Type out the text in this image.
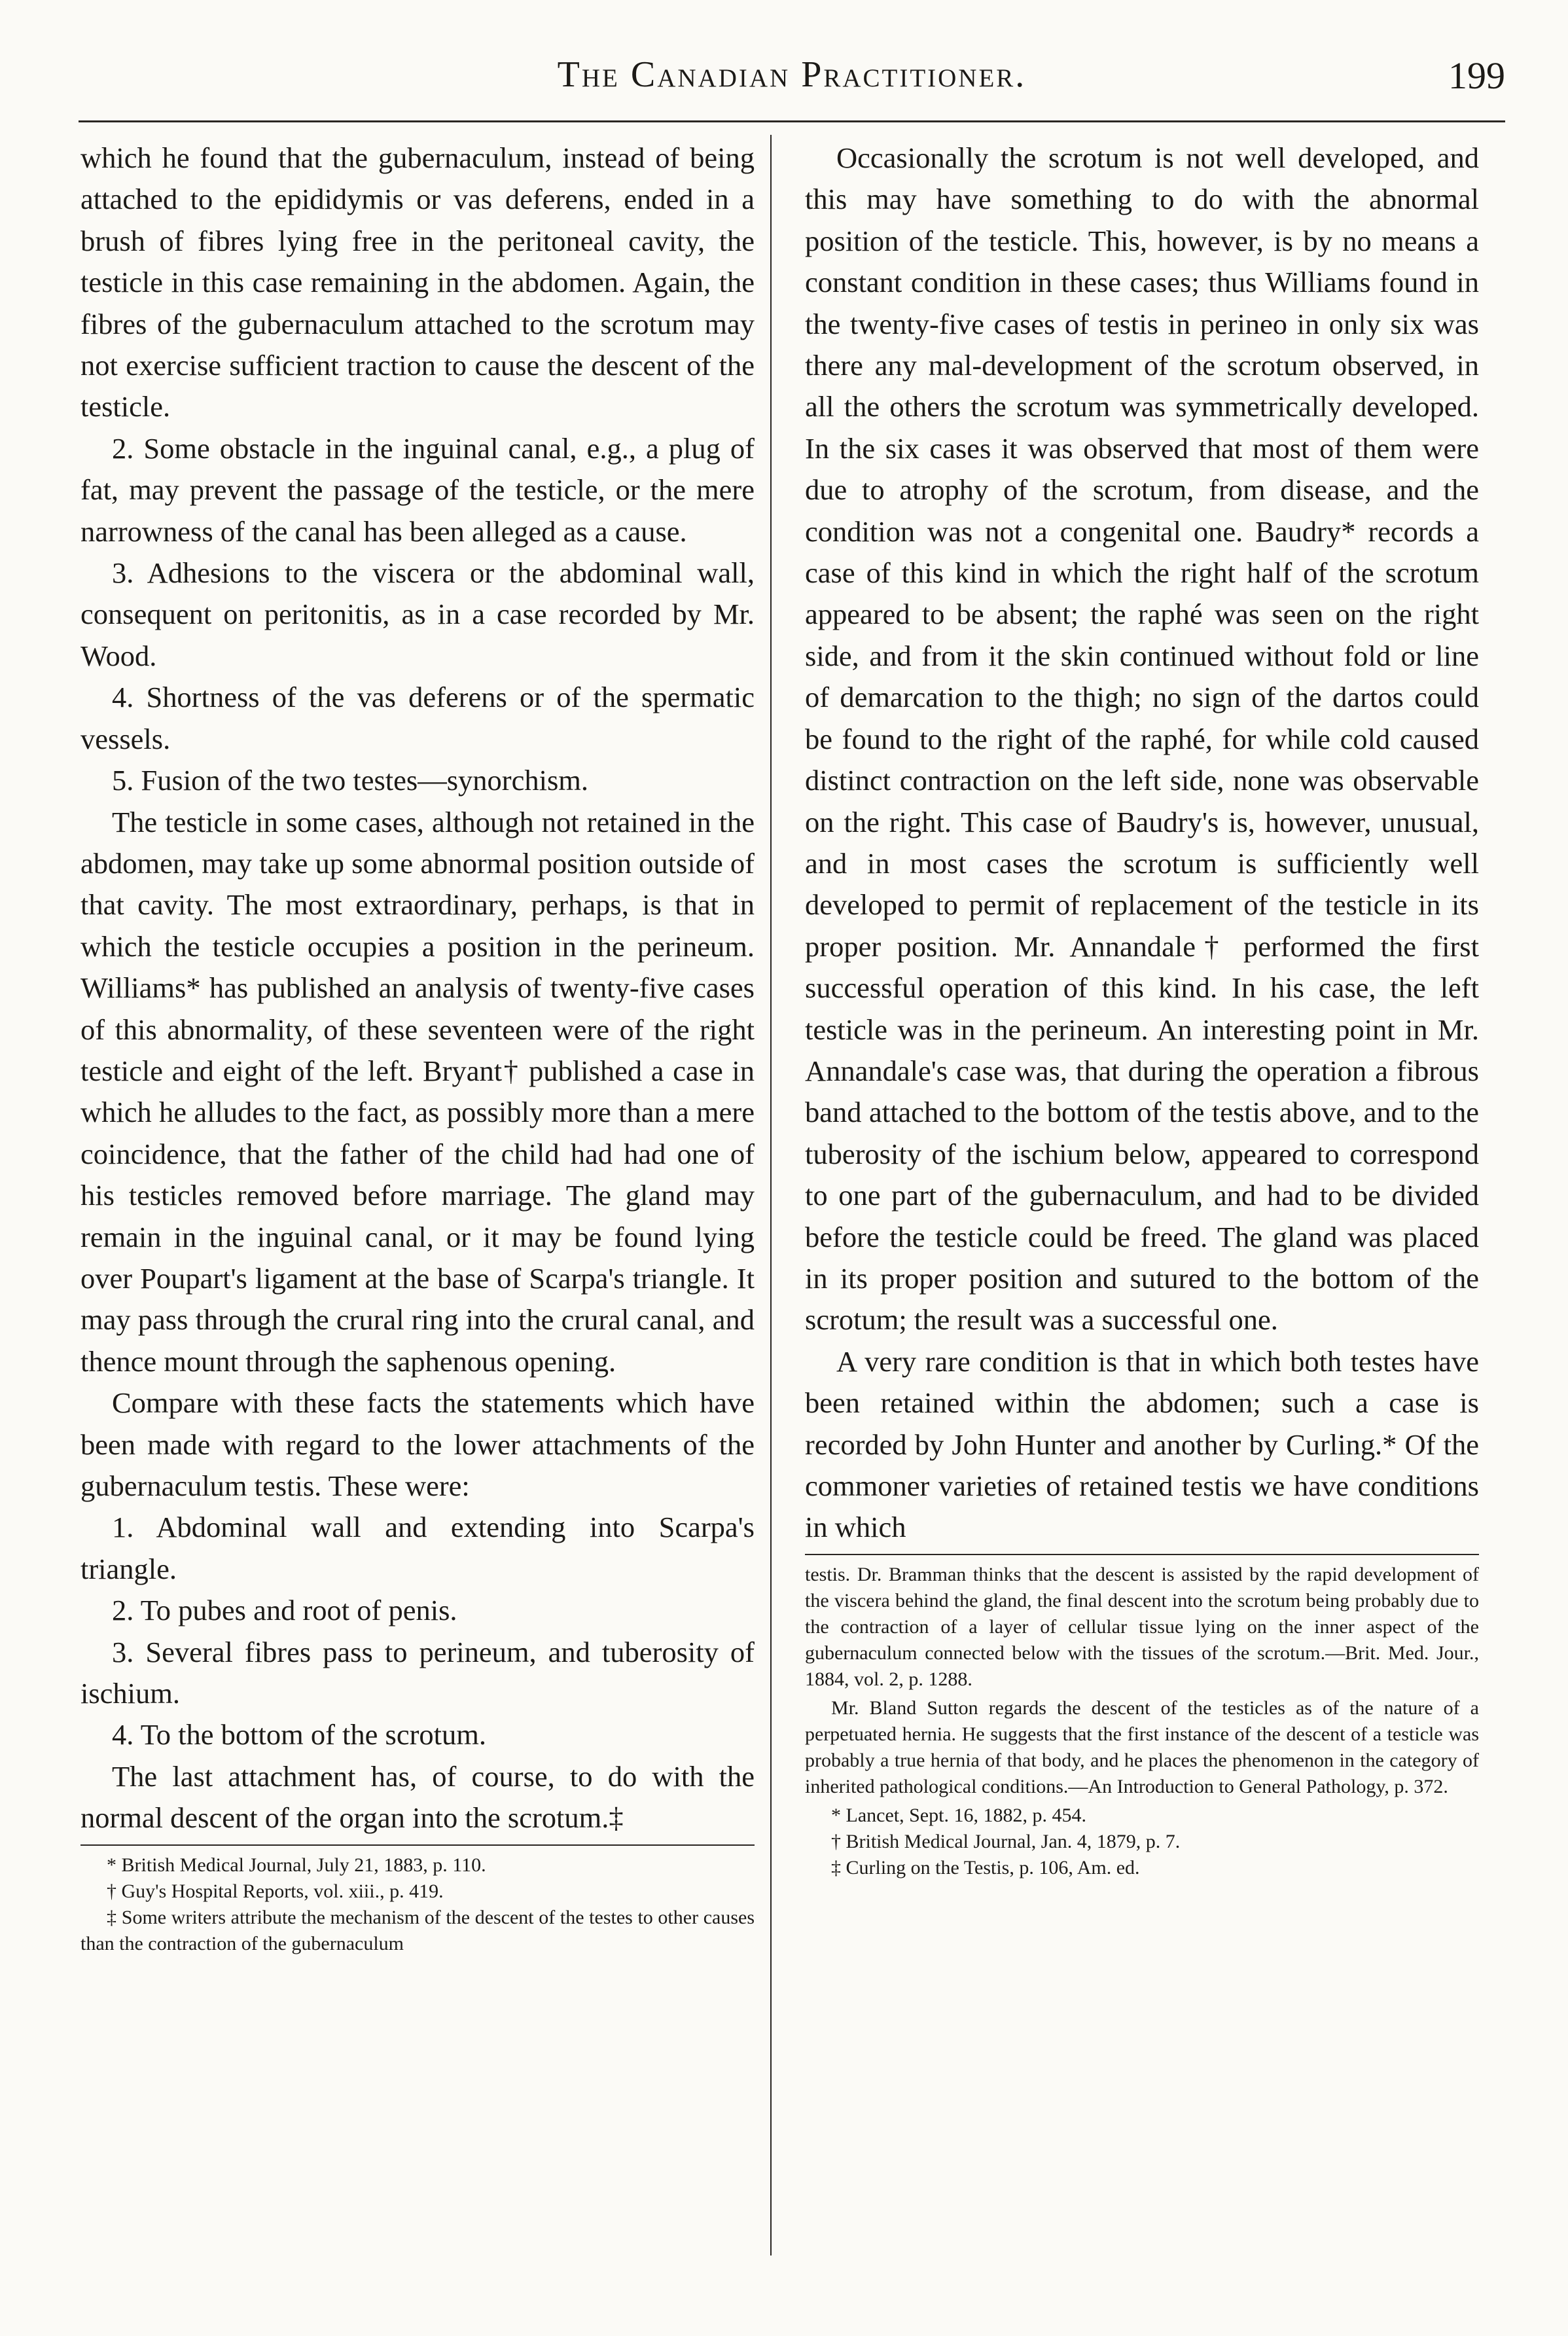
The Canadian Practitioner.	199

which he found that the gubernaculum, instead of being attached to the epididymis or vas deferens, ended in a brush of fibres lying free in the peritoneal cavity, the testicle in this case remaining in the abdomen. Again, the fibres of the gubernaculum attached to the scrotum may not exercise sufficient traction to cause the descent of the testicle.

2. Some obstacle in the inguinal canal, e.g., a plug of fat, may prevent the passage of the testicle, or the mere narrowness of the canal has been alleged as a cause.

3. Adhesions to the viscera or the abdominal wall, consequent on peritonitis, as in a case recorded by Mr. Wood.

4. Shortness of the vas deferens or of the spermatic vessels.

5. Fusion of the two testes—synorchism.

The testicle in some cases, although not retained in the abdomen, may take up some abnormal position outside of that cavity. The most extraordinary, perhaps, is that in which the testicle occupies a position in the perineum. Williams* has published an analysis of twenty-five cases of this abnormality, of these seventeen were of the right testicle and eight of the left. Bryant† published a case in which he alludes to the fact, as possibly more than a mere coincidence, that the father of the child had had one of his testicles removed before marriage. The gland may remain in the inguinal canal, or it may be found lying over Poupart's ligament at the base of Scarpa's triangle. It may pass through the crural ring into the crural canal, and thence mount through the saphenous opening.

Compare with these facts the statements which have been made with regard to the lower attachments of the gubernaculum testis. These were:

1. Abdominal wall and extending into Scarpa's triangle.

2. To pubes and root of penis.

3. Several fibres pass to perineum, and tuberosity of ischium.

4. To the bottom of the scrotum.

The last attachment has, of course, to do with the normal descent of the organ into the scrotum.‡

* British Medical Journal, July 21, 1883, p. 110.

† Guy's Hospital Reports, vol. xiii., p. 419.

‡ Some writers attribute the mechanism of the descent of the testes to other causes than the contraction of the gubernaculum

Occasionally the scrotum is not well developed, and this may have something to do with the abnormal position of the testicle. This, however, is by no means a constant condition in these cases; thus Williams found in the twenty-five cases of testis in perineo in only six was there any mal-development of the scrotum observed, in all the others the scrotum was symmetrically developed. In the six cases it was observed that most of them were due to atrophy of the scrotum, from disease, and the condition was not a congenital one. Baudry* records a case of this kind in which the right half of the scrotum appeared to be absent; the raphé was seen on the right side, and from it the skin continued without fold or line of demarcation to the thigh; no sign of the dartos could be found to the right of the raphé, for while cold caused distinct contraction on the left side, none was observable on the right. This case of Baudry's is, however, unusual, and in most cases the scrotum is sufficiently well developed to permit of replacement of the testicle in its proper position. Mr. Annandale† performed the first successful operation of this kind. In his case, the left testicle was in the perineum. An interesting point in Mr. Annandale's case was, that during the operation a fibrous band attached to the bottom of the testis above, and to the tuberosity of the ischium below, appeared to correspond to one part of the gubernaculum, and had to be divided before the testicle could be freed. The gland was placed in its proper position and sutured to the bottom of the scrotum; the result was a successful one.

A very rare condition is that in which both testes have been retained within the abdomen; such a case is recorded by John Hunter and another by Curling.* Of the commoner varieties of retained testis we have conditions in which

testis. Dr. Bramman thinks that the descent is assisted by the rapid development of the viscera behind the gland, the final descent into the scrotum being probably due to the contraction of a layer of cellular tissue lying on the inner aspect of the gubernaculum connected below with the tissues of the scrotum.—Brit. Med. Jour., 1884, vol. 2, p. 1288.

Mr. Bland Sutton regards the descent of the testicles as of the nature of a perpetuated hernia. He suggests that the first instance of the descent of a testicle was probably a true hernia of that body, and he places the phenomenon in the category of inherited pathological conditions.—An Introduction to General Pathology, p. 372.

* Lancet, Sept. 16, 1882, p. 454.

† British Medical Journal, Jan. 4, 1879, p. 7.

‡ Curling on the Testis, p. 106, Am. ed.
